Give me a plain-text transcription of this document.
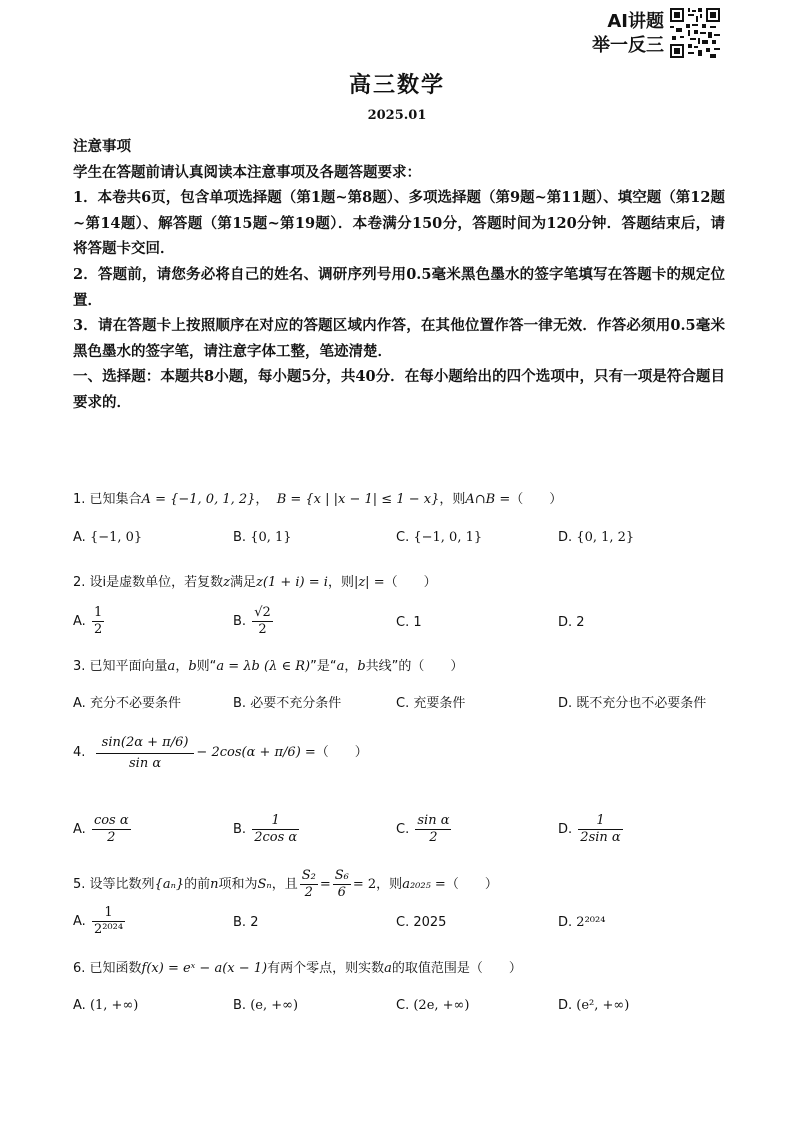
AI讲题
举一反三
高三数学
2025.01

注意事项

学生在答题前请认真阅读本注意事项及各题答题要求：

1．本卷共6页，包含单项选择题（第1题~第8题）、多项选择题（第9题~第11题）、填空题（第12题~第14题）、解答题（第15题~第19题）．本卷满分150分，答题时间为120分钟．答题结束后，请将答题卡交回．

2．答题前，请您务必将自己的姓名、调研序列号用0.5毫米黑色墨水的签字笔填写在答题卡的规定位置．

3．请在答题卡上按照顺序在对应的答题区域内作答，在其他位置作答一律无效．作答必须用0.5毫米黑色墨水的签字笔，请注意字体工整，笔迹清楚．

一、选择题：本题共8小题，每小题5分，共40分．在每小题给出的四个选项中，只有一项是符合题目要求的．

1. 已知集合A = {−1, 0, 1, 2}， B = {x | |x − 1| ≤ 1 − x}，则A∩B =（　　）
A. {−1, 0}	B. {0, 1}	C. {−1, 0, 1}	D. {0, 1, 2}
2. 设i是虚数单位，若复数z满足z(1 + i) = i，则|z| =（　　）
A. $\frac{1}{2}$	B. $\frac{√2}{2}$	C. 1	D. 2
3. 已知平面向量a，b则“a = λb (λ ∈ R)”是“a，b共线”的（　　）
A. 充分不必要条件	B. 必要不充分条件	C. 充要条件	D. 既不充分也不必要条件
4. $\frac{\sin(2\alpha + \pi/6)}{\text{sin α}} - 2\cos(\alpha + \pi/6)$ =（　　）
A. $\frac{\text{cos α}}{2}$	B. $\frac{1}{\text{2cos α}}$	C. $\frac{\text{sin α}}{2}$	D. $\frac{1}{\text{2sin α}}$
5. 设等比数列{aₙ}的前n项和为Sₙ，且 $\frac{\text{S₂}}{2} = \frac{\text{S₆}}{6} = 2$，则a₂₀₂₅ =（　　）
A. $\frac{1}{\text{2²⁰²⁴}}$	B. 2	C. 2025	D. 2²⁰²⁴
6. 已知函数f(x) = eˣ − a(x − 1)有两个零点，则实数a的取值范围是（　　）
A. (1, +∞)	B. (e, +∞)	C. (2e, +∞)	D. (e², +∞)
